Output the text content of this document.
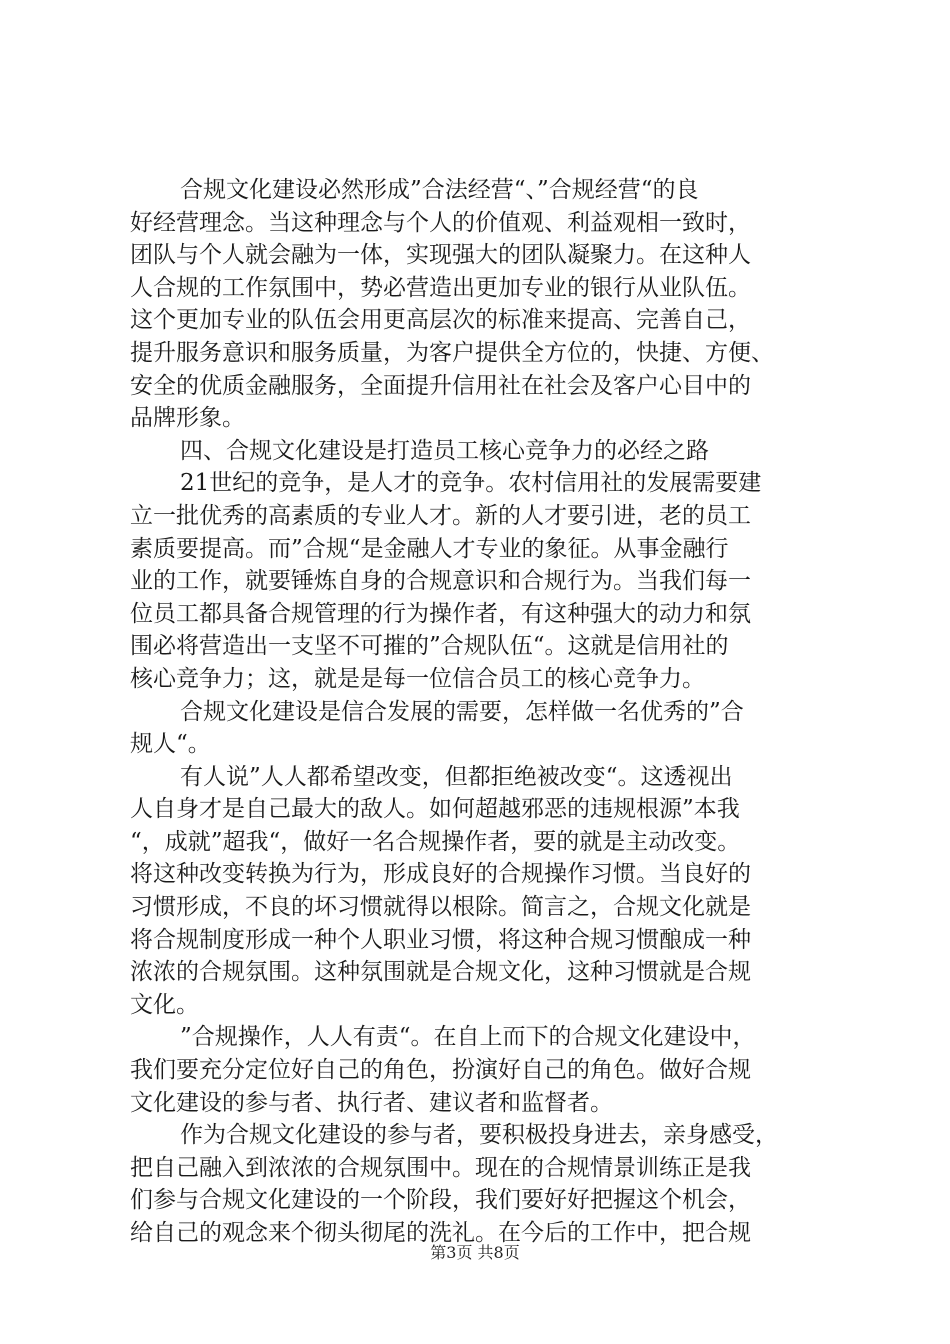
合规文化建设必然形成”合法经营“、”合规经营“的良
好经营理念。当这种理念与个人的价值观、利益观相一致时，
团队与个人就会融为一体，实现强大的团队凝聚力。在这种人
人合规的工作氛围中，势必营造出更加专业的银行从业队伍。
这个更加专业的队伍会用更高层次的标准来提高、完善自己，
提升服务意识和服务质量，为客户提供全方位的，快捷、方便、
安全的优质金融服务，全面提升信用社在社会及客户心目中的
品牌形象。
四、合规文化建设是打造员工核心竞争力的必经之路
21世纪的竞争，是人才的竞争。农村信用社的发展需要建
立一批优秀的高素质的专业人才。新的人才要引进，老的员工
素质要提高。而”合规“是金融人才专业的象征。从事金融行
业的工作，就要锤炼自身的合规意识和合规行为。当我们每一
位员工都具备合规管理的行为操作者，有这种强大的动力和氛
围必将营造出一支坚不可摧的”合规队伍“。这就是信用社的
核心竞争力；这，就是是每一位信合员工的核心竞争力。
合规文化建设是信合发展的需要，怎样做一名优秀的”合
规人“。
有人说”人人都希望改变，但都拒绝被改变“。这透视出
人自身才是自己最大的敌人。如何超越邪恶的违规根源”本我
“，成就”超我“，做好一名合规操作者，要的就是主动改变。
将这种改变转换为行为，形成良好的合规操作习惯。当良好的
习惯形成，不良的坏习惯就得以根除。简言之，合规文化就是
将合规制度形成一种个人职业习惯，将这种合规习惯酿成一种
浓浓的合规氛围。这种氛围就是合规文化，这种习惯就是合规
文化。
”合规操作，人人有责“。在自上而下的合规文化建设中，
我们要充分定位好自己的角色，扮演好自己的角色。做好合规
文化建设的参与者、执行者、建议者和监督者。
作为合规文化建设的参与者，要积极投身进去，亲身感受，
把自己融入到浓浓的合规氛围中。现在的合规情景训练正是我
们参与合规文化建设的一个阶段，我们要好好把握这个机会，
给自己的观念来个彻头彻尾的洗礼。在今后的工作中，把合规
第3页 共8页
